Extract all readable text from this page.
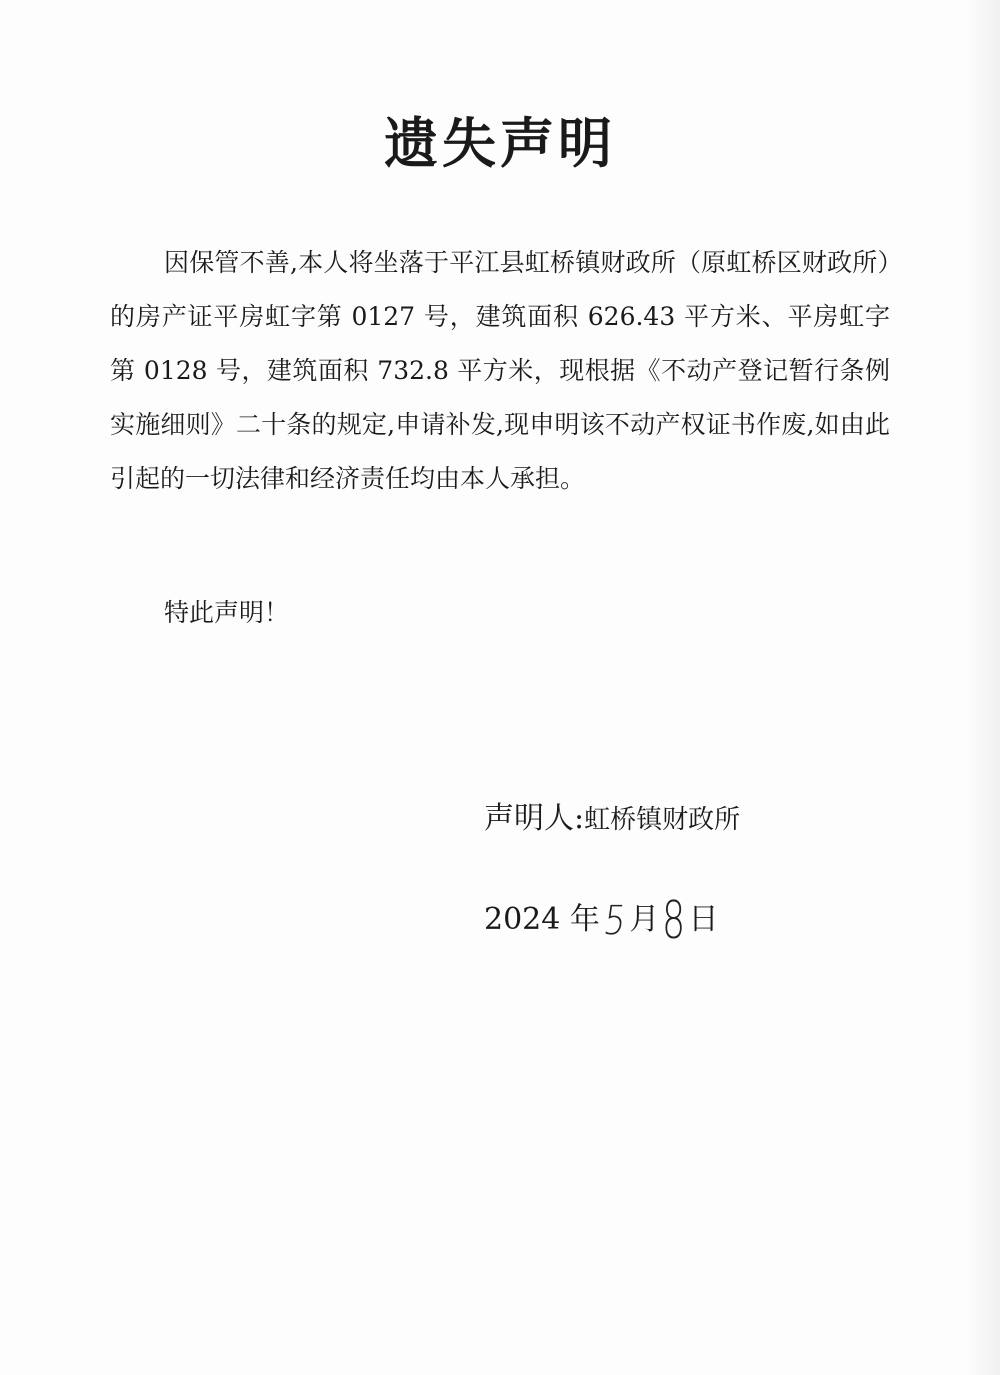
遗失声明

因保管不善,本人将坐落于平江县虹桥镇财政所（原虹桥区财政所）的房产证平房虹字第 0127 号，建筑面积 626.43 平方米、平房虹字第 0128 号，建筑面积 732.8 平方米，现根据《不动产登记暂行条例实施细则》二十条的规定,申请补发,现申明该不动产权证书作废,如由此引起的一切法律和经济责任均由本人承担。

特此声明！
声明人:虹桥镇财政所
2024 年5月8日
